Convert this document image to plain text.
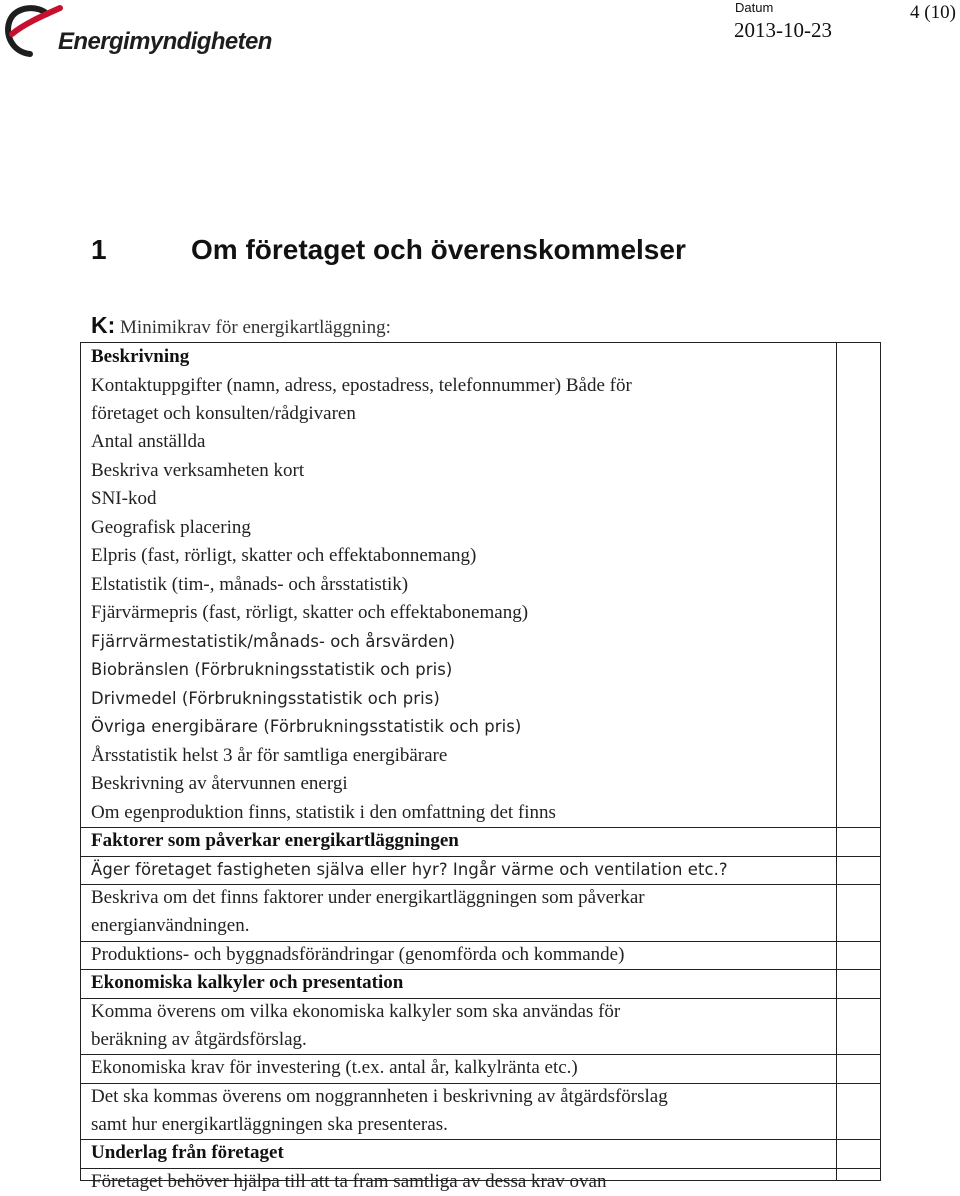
Energimyndigheten
Datum
2013-10-23
4 (10)
1	Om företaget och överenskommelser
K: Minimikrav för energikartläggning:
Beskrivning
Kontaktuppgifter (namn, adress, epostadress, telefonnummer) Både för
företaget och konsulten/rådgivaren
Antal anställda
Beskriva verksamheten kort
SNI-kod
Geografisk placering
Elpris (fast, rörligt, skatter och effektabonnemang)
Elstatistik (tim-, månads- och årsstatistik)
Fjärvärmepris (fast, rörligt, skatter och effektabonemang)
Fjärrvärmestatistik/månads- och årsvärden)
Biobränslen (Förbrukningsstatistik och pris)
Drivmedel (Förbrukningsstatistik och pris)
Övriga energibärare (Förbrukningsstatistik och pris)
Årsstatistik helst 3 år för samtliga energibärare
Beskrivning av återvunnen energi
Om egenproduktion finns, statistik i den omfattning det finns
Faktorer som påverkar energikartläggningen
Äger företaget fastigheten själva eller hyr? Ingår värme och ventilation etc.?
Beskriva om det finns faktorer under energikartläggningen som påverkar
energianvändningen.
Produktions- och byggnadsförändringar (genomförda och kommande)
Ekonomiska kalkyler och presentation
Komma överens om vilka ekonomiska kalkyler som ska användas för
beräkning av åtgärdsförslag.
Ekonomiska krav för investering (t.ex. antal år, kalkylränta etc.)
Det ska kommas överens om noggrannheten i beskrivning av åtgärdsförslag
samt hur energikartläggningen ska presenteras.
Underlag från företaget
Företaget behöver hjälpa till att ta fram samtliga av dessa krav ovan
